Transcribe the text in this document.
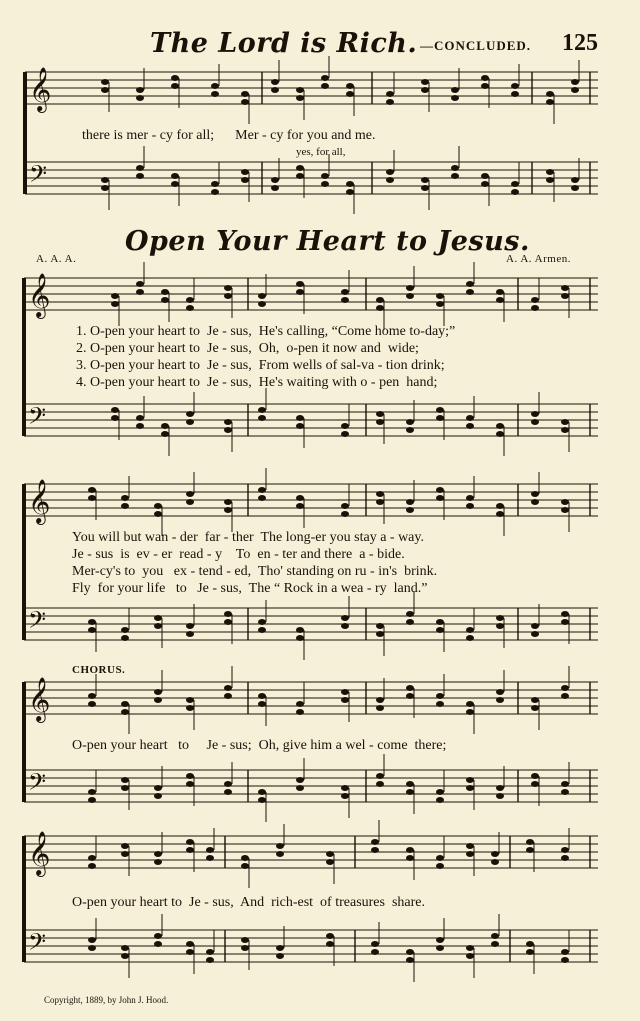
𝄞
𝄢
𝄞
𝄢
𝄞
𝄢
𝄞
𝄢
𝄞
𝄢
The Lord is Rich. —CONCLUDED. 125
there is mer - cy for all;      Mer - cy for you and me.
yes, for all,
Open Your Heart to Jesus.
A. A. A.	A. A. Armen.
1. O-pen your heart to  Je - sus,  He's calling, “Come home to-day;”
2. O-pen your heart to  Je - sus,  Oh,  o-pen it now and  wide;
3. O-pen your heart to  Je - sus,  From wells of sal-va - tion drink;
4. O-pen your heart to  Je - sus,  He's waiting with o - pen  hand;
You will but wan - der  far - ther  The long-er you stay a - way.
Je - sus  is  ev - er  read - y    To  en - ter and there  a - bide.
Mer-cy's to  you   ex - tend - ed,  Tho' standing on ru - in's  brink.
Fly  for your life   to   Je - sus,  The “ Rock in a wea - ry  land.”
CHORUS.
O-pen your heart   to     Je - sus;  Oh, give him a wel - come  there;
O-pen your heart to  Je - sus,  And  rich-est  of treasures  share.
Copyright, 1889, by John J. Hood.
